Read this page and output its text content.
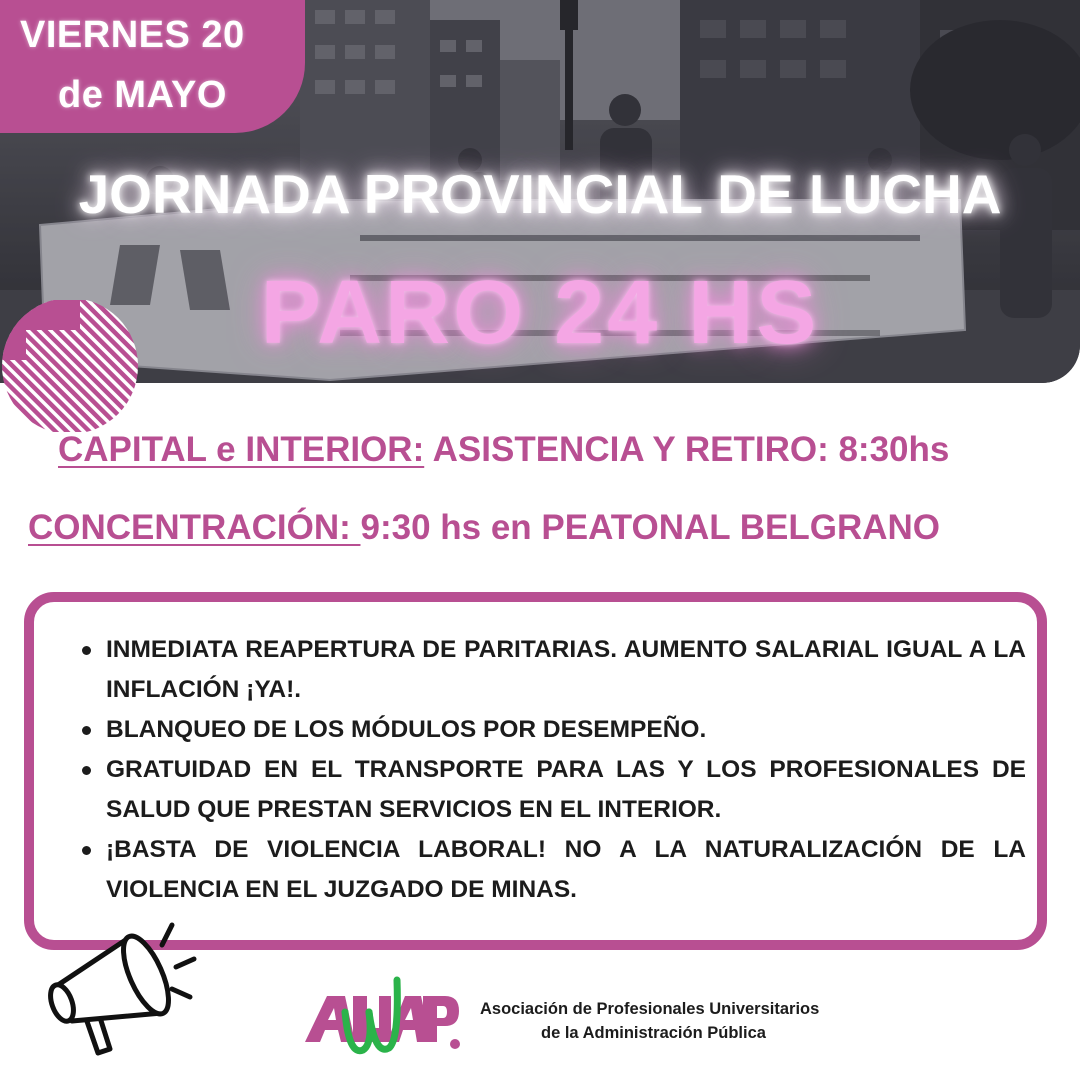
VIERNES 20
de MAYO
JORNADA PROVINCIAL DE LUCHA
PARO 24 HS
CAPITAL e INTERIOR: ASISTENCIA Y RETIRO: 8:30hs
CONCENTRACIÓN: 9:30 hs en PEATONAL BELGRANO
INMEDIATA REAPERTURA DE PARITARIAS. AUMENTO SALARIAL IGUAL A LA INFLACIÓN ¡YA!.
BLANQUEO DE LOS MÓDULOS POR DESEMPEÑO.
GRATUIDAD EN EL TRANSPORTE PARA LAS Y LOS PROFESIONALES DE SALUD QUE PRESTAN SERVICIOS EN EL INTERIOR.
¡BASTA DE VIOLENCIA LABORAL! NO A LA NATURALIZACIÓN DE LA VIOLENCIA EN EL JUZGADO DE MINAS.
Asociación de Profesionales Universitarios
de la Administración Pública
